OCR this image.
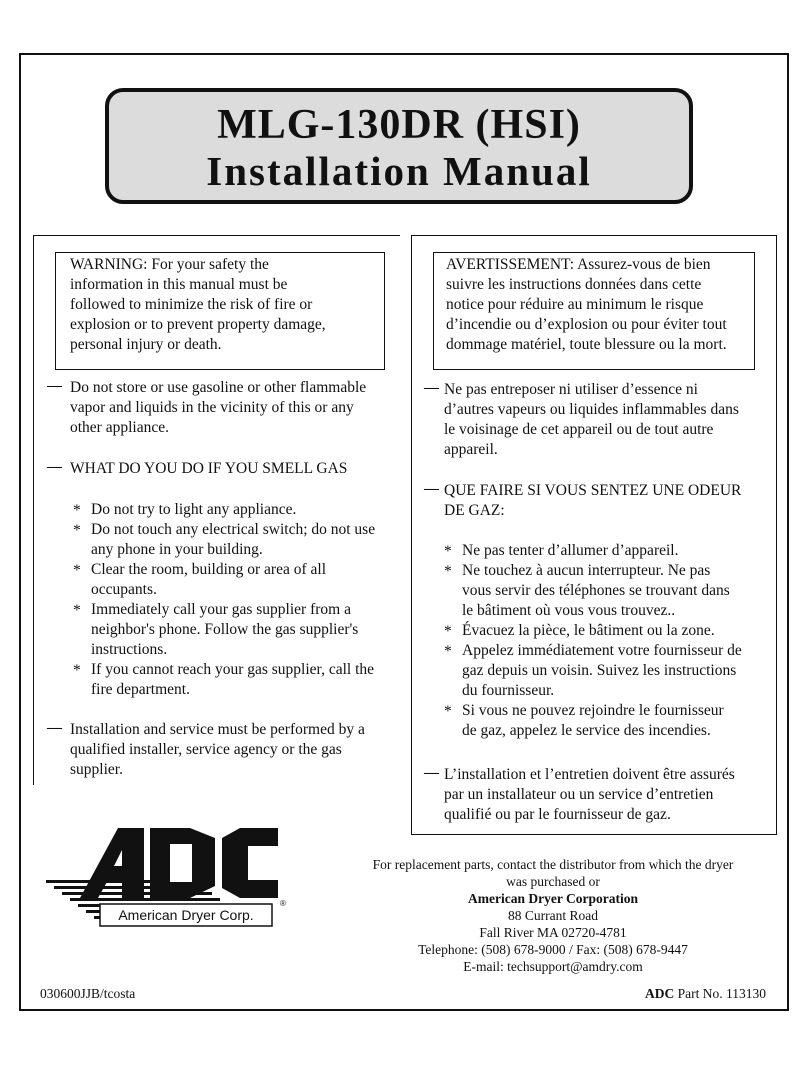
MLG-130DR (HSI)
Installation Manual
WARNING: For your safety the
information in this manual must be
followed to minimize the risk of fire or
explosion or to prevent property damage,
personal injury or death.
— Do not store or use gasoline or other flammable
vapor and liquids in the vicinity of this or any
other appliance.
— WHAT DO YOU DO IF YOU SMELL GAS
* Do not try to light any appliance.
* Do not touch any electrical switch; do not use
any phone in your building.
* Clear the room, building or area of all
occupants.
* Immediately call your gas supplier from a
neighbor's phone. Follow the gas supplier's
instructions.
* If you cannot reach your gas supplier, call the
fire department.
— Installation and service must be performed by a
qualified installer, service agency or the gas
supplier.
AVERTISSEMENT: Assurez-vous de bien
suivre les instructions données dans cette
notice pour réduire au minimum le risque
d’incendie ou d’explosion ou pour éviter tout
dommage matériel, toute blessure ou la mort.
— Ne pas entreposer ni utiliser d’essence ni
d’autres vapeurs ou liquides inflammables dans
le voisinage de cet appareil ou de tout autre
appareil.
— QUE FAIRE SI VOUS SENTEZ UNE ODEUR
DE GAZ:
* Ne pas tenter d’allumer d’appareil.
* Ne touchez à aucun interrupteur. Ne pas
vous servir des téléphones se trouvant dans
le bâtiment où vous vous trouvez..
* Évacuez la pièce, le bâtiment ou la zone.
* Appelez immédiatement votre fournisseur de
gaz depuis un voisin. Suivez les instructions
du fournisseur.
* Si vous ne pouvez rejoindre le fournisseur
de gaz, appelez le service des incendies.
— L’installation et l’entretien doivent être assurés
par un installateur ou un service d’entretien
qualifié ou par le fournisseur de gaz.
American Dryer Corp.
®
ADC
For replacement parts, contact the distributor from which the dryer
was purchased or
American Dryer Corporation
88 Currant Road
Fall River MA 02720-4781
Telephone: (508) 678-9000 / Fax: (508) 678-9447
E-mail: techsupport@amdry.com
030600JJB/tcosta	ADC Part No. 113130
